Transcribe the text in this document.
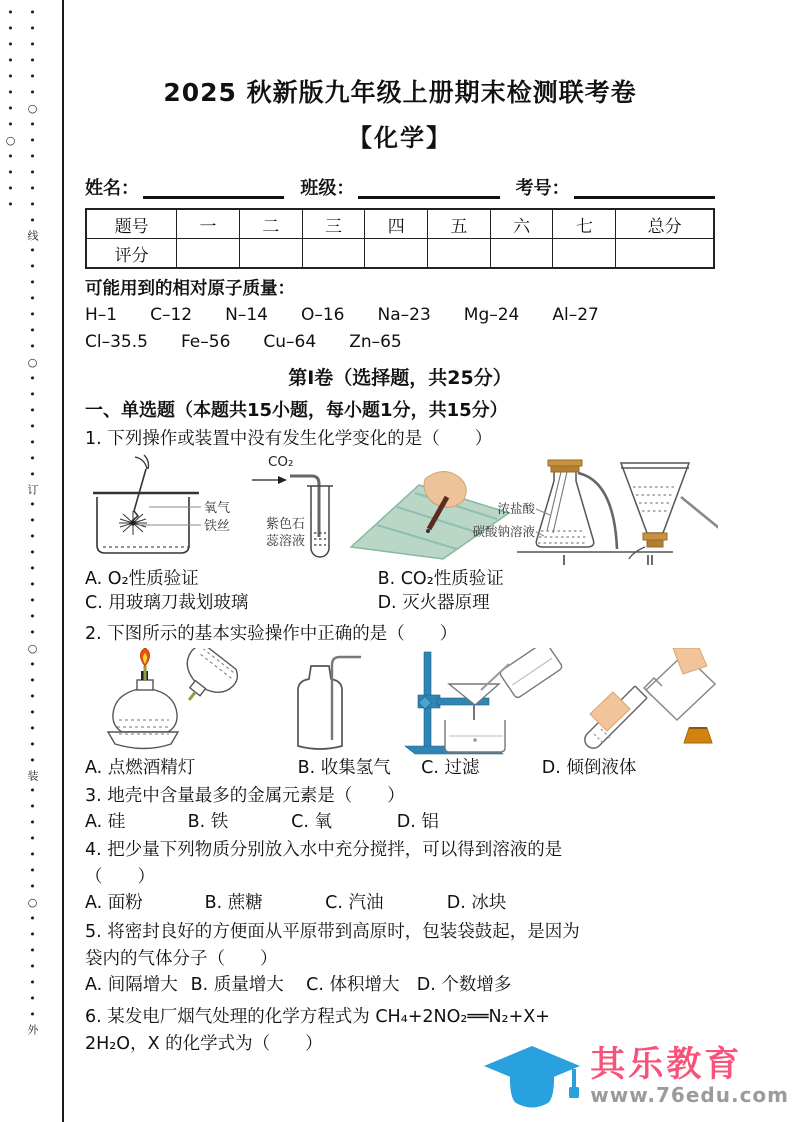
••••••○•••••••线•••••••○•••••••订•••••••••○•••••••装•••••••○•••••••外••••••••○••••	2025 秋新版九年级上册期末检测联考卷
【化学】
姓名：	班级：	考号：
题号	一	二	三	四	五	六	七	总分
评分								
可能用到的相对原子质量：
H–1 C–12 N–14 O–16 Na–23 Mg–24 Al–27
Cl–35.5 Fe–56 Cu–64 Zn–65
第I卷（选择题，共25分）
一、单选题（本题共15小题，每小题1分，共15分）
1. 下列操作或装置中没有发生化学变化的是（　　）
氧气
铁丝
CO₂
紫色石
蕊溶液
浓盐酸
碳酸钠溶液
I	II
A. O₂性质验证	B. CO₂性质验证
C. 用玻璃刀裁划玻璃	D. 灭火器原理
2. 下图所示的基本实验操作中正确的是（　　）
A. 点燃酒精灯	B. 收集氢气 C. 过滤	D. 倾倒液体
3. 地壳中含量最多的金属元素是（　　）
A. 硅	B. 铁	C. 氧	D. 铝
4. 把少量下列物质分别放入水中充分搅拌，可以得到溶液的是
（　　）
A. 面粉	B. 蔗糖	C. 汽油	D. 冰块
5. 将密封良好的方便面从平原带到高原时，包装袋鼓起，是因为
袋内的气体分子（　　）
A. 间隔增大 B. 质量增大 C. 体积增大 D. 个数增多
6. 某发电厂烟气处理的化学方程式为 CH₄+2NO₂══N₂+X+
2H₂O，X 的化学式为（　　）
其乐教育
www.76edu.com
